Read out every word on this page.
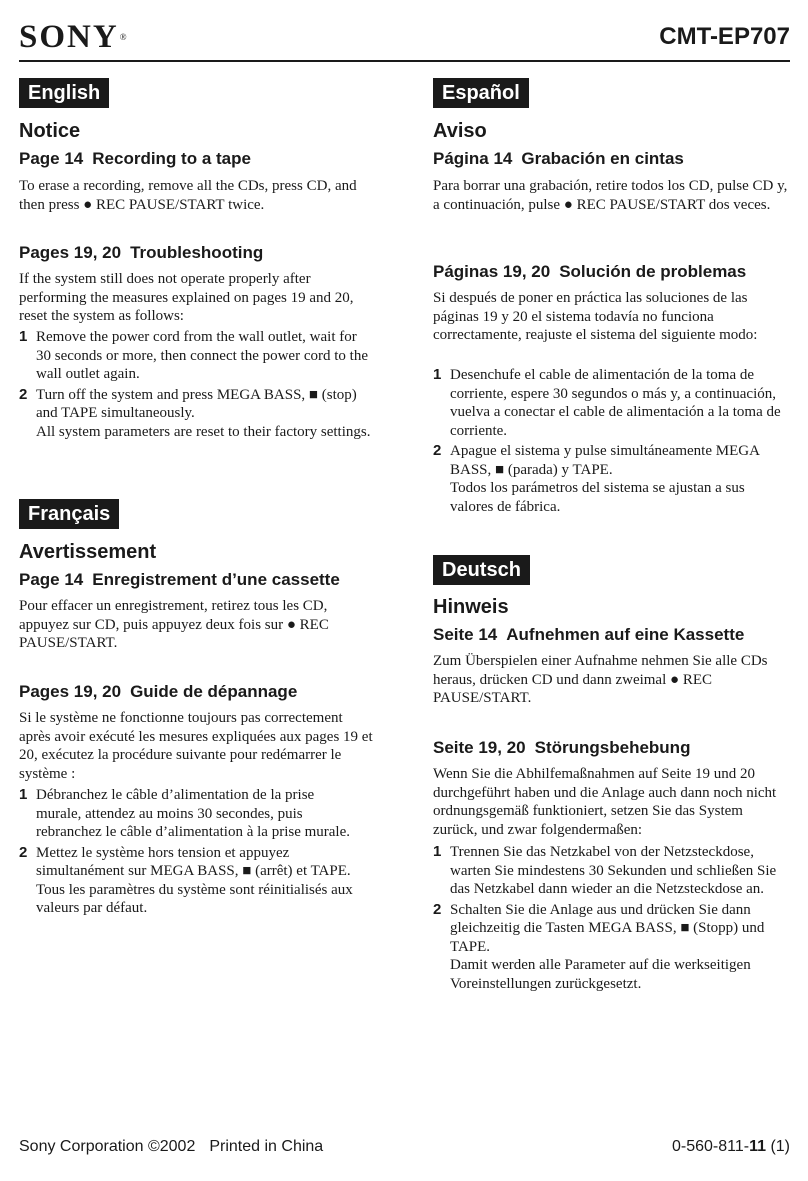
SONY®	CMT-EP707
English
Notice
Page 14 Recording to a tape

To erase a recording, remove all the CDs, press CD, and then press ● REC PAUSE/START twice.

Pages 19, 20 Troubleshooting

If the system still does not operate properly after performing the measures explained on pages 19 and 20, reset the system as follows:

1 Remove the power cord from the wall outlet, wait for 30 seconds or more, then connect the power cord to the wall outlet again.
2 Turn off the system and press MEGA BASS, ■ (stop) and TAPE simultaneously.
All system parameters are reset to their factory settings.
Français
Avertissement
Page 14 Enregistrement d’une cassette

Pour effacer un enregistrement, retirez tous les CD, appuyez sur CD, puis appuyez deux fois sur ● REC PAUSE/START.

Pages 19, 20 Guide de dépannage

Si le système ne fonctionne toujours pas correctement après avoir exécuté les mesures expliquées aux pages 19 et 20, exécutez la procédure suivante pour redémarrer le système :

1 Débranchez le câble d’alimentation de la prise murale, attendez au moins 30 secondes, puis rebranchez le câble d’alimentation à la prise murale.
2 Mettez le système hors tension et appuyez simultanément sur MEGA BASS, ■ (arrêt) et TAPE.
Tous les paramètres du système sont réinitialisés aux valeurs par défaut.
Español
Aviso
Página 14 Grabación en cintas

Para borrar una grabación, retire todos los CD, pulse CD y, a continuación, pulse ● REC PAUSE/START dos veces.

Páginas 19, 20 Solución de problemas

Si después de poner en práctica las soluciones de las páginas 19 y 20 el sistema todavía no funciona correctamente, reajuste el sistema del siguiente modo:

1 Desenchufe el cable de alimentación de la toma de corriente, espere 30 segundos o más y, a continuación, vuelva a conectar el cable de alimentación a la toma de corriente.
2 Apague el sistema y pulse simultáneamente MEGA BASS, ■ (parada) y TAPE.
Todos los parámetros del sistema se ajustan a sus valores de fábrica.
Deutsch
Hinweis
Seite 14 Aufnehmen auf eine Kassette

Zum Überspielen einer Aufnahme nehmen Sie alle CDs heraus, drücken CD und dann zweimal ● REC PAUSE/START.

Seite 19, 20 Störungsbehebung

Wenn Sie die Abhilfemaßnahmen auf Seite 19 und 20 durchgeführt haben und die Anlage auch dann noch nicht ordnungsgemäß funktioniert, setzen Sie das System zurück, und zwar folgendermaßen:

1 Trennen Sie das Netzkabel von der Netzsteckdose, warten Sie mindestens 30 Sekunden und schließen Sie das Netzkabel dann wieder an die Netzsteckdose an.
2 Schalten Sie die Anlage aus und drücken Sie dann gleichzeitig die Tasten MEGA BASS, ■ (Stopp) und TAPE.
Damit werden alle Parameter auf die werkseitigen Voreinstellungen zurückgesetzt.
Sony Corporation ©2002 Printed in China	0-560-811-11 (1)
